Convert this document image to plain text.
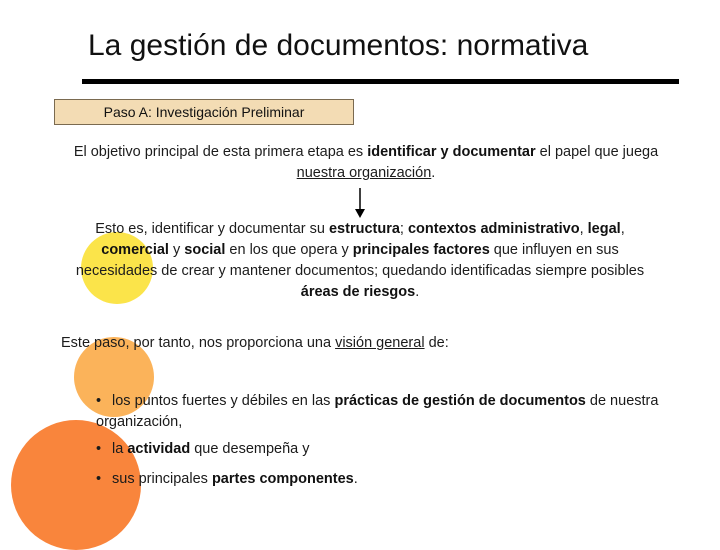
La gestión de documentos: normativa
Paso A: Investigación Preliminar
El objetivo principal de esta primera etapa es identificar y documentar el papel que juega nuestra organización.
Esto es, identificar y documentar su estructura; contextos administrativo, legal, comercial y social en los que opera y principales factores que influyen en sus necesidades de crear y mantener documentos; quedando identificadas siempre posibles áreas de riesgos.
Este paso, por tanto, nos proporciona una visión general de:
• los puntos fuertes y débiles en las prácticas de gestión de documentos de nuestra organización,
• la actividad que desempeña y
• sus principales partes componentes.
